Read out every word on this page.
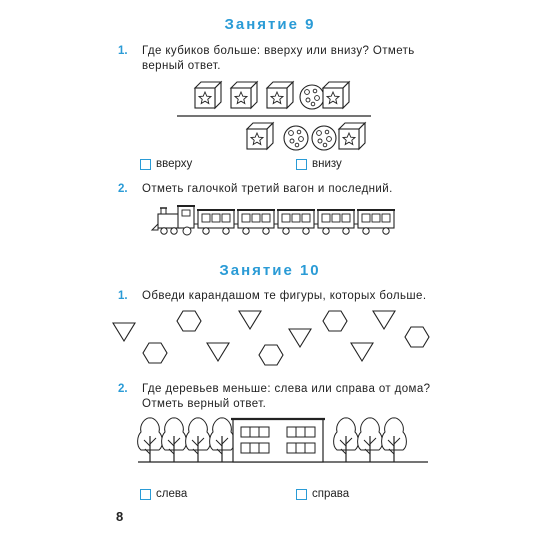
Занятие 9
1. Где кубиков больше: вверху или внизу? Отметь
верный ответ.
вверху	внизу
2. Отметь галочкой третий вагон и последний.
Занятие 10
1. Обведи карандашом те фигуры, которых больше.
2. Где деревьев меньше: слева или справа от дома?
Отметь верный ответ.
слева	справа
8
